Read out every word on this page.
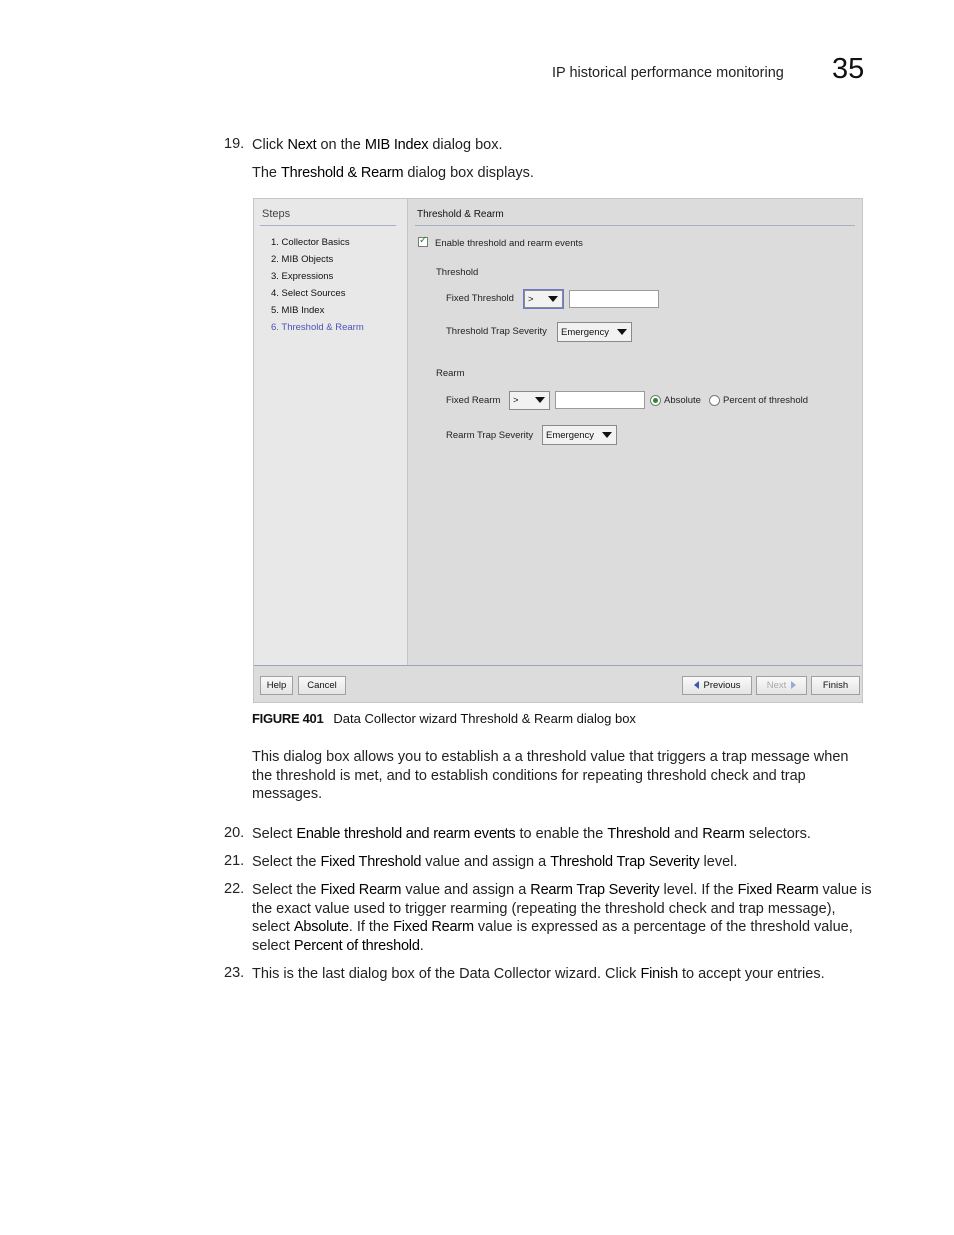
IP historical performance monitoring 35
19. Click Next on the MIB Index dialog box.
The Threshold & Rearm dialog box displays.
Steps
1. Collector Basics
2. MIB Objects
3. Expressions
4. Select Sources
5. MIB Index
6. Threshold & Rearm
Threshold & Rearm
✓
Enable threshold and rearm events
Threshold
Fixed Threshold >
Threshold Trap Severity Emergency
Rearm
Fixed Rearm >	Absolute Percent of threshold
Rearm Trap Severity Emergency
Help	Cancel	Previous	Next	Finish
FIGURE 401 Data Collector wizard Threshold & Rearm dialog box
This dialog box allows you to establish a a threshold value that triggers a trap message when the threshold is met, and to establish conditions for repeating threshold check and trap messages.
20. Select Enable threshold and rearm events to enable the Threshold and Rearm selectors.
21. Select the Fixed Threshold value and assign a Threshold Trap Severity level.
22. Select the Fixed Rearm value and assign a Rearm Trap Severity level. If the Fixed Rearm value is the exact value used to trigger rearming (repeating the threshold check and trap message), select Absolute. If the Fixed Rearm value is expressed as a percentage of the threshold value, select Percent of threshold.
23. This is the last dialog box of the Data Collector wizard. Click Finish to accept your entries.
